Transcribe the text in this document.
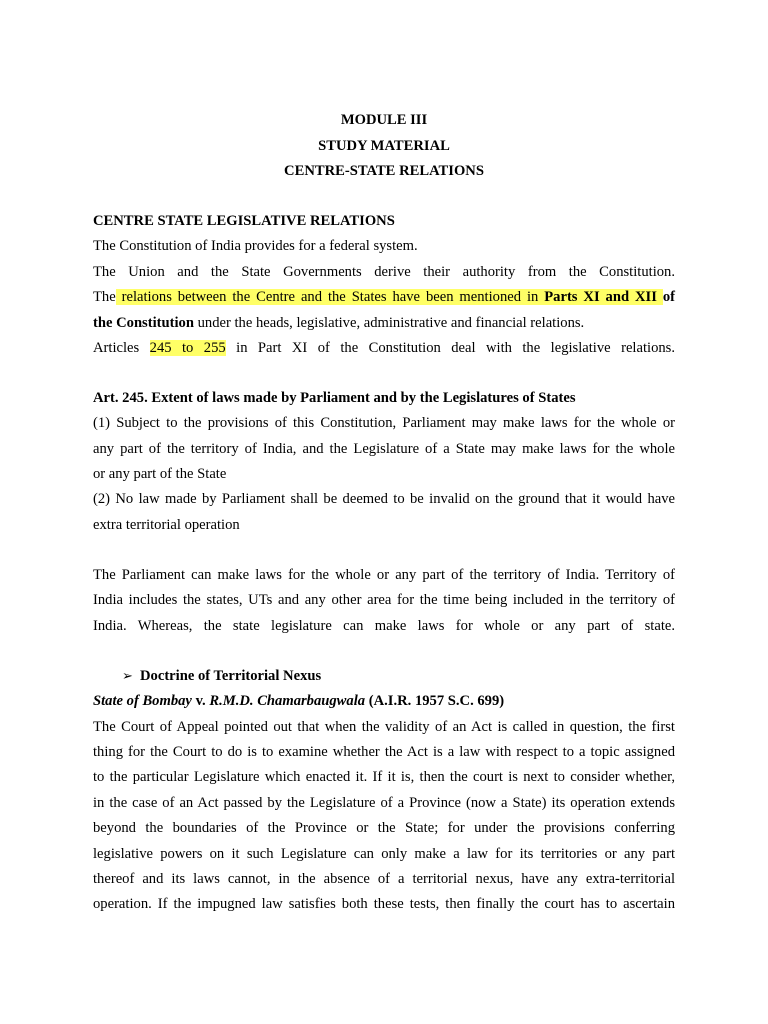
MODULE III
STUDY MATERIAL
CENTRE-STATE RELATIONS
CENTRE STATE LEGISLATIVE RELATIONS
The Constitution of India provides for a federal system.
The Union and the State Governments derive their authority from the Constitution.
The relations between the Centre and the States have been mentioned in Parts XI and XII of
the Constitution under the heads, legislative, administrative and financial relations.
Articles 245 to 255 in Part XI of the Constitution deal with the legislative relations.
Art. 245. Extent of laws made by Parliament and by the Legislatures of States
(1) Subject to the provisions of this Constitution, Parliament may make laws for the whole or
any part of the territory of India, and the Legislature of a State may make laws for the whole
or any part of the State
(2) No law made by Parliament shall be deemed to be invalid on the ground that it would have
extra territorial operation
The Parliament can make laws for the whole or any part of the territory of India. Territory of
India includes the states, UTs and any other area for the time being included in the territory of
India. Whereas, the state legislature can make laws for whole or any part of state.
➢ Doctrine of Territorial Nexus
State of Bombay v. R.M.D. Chamarbaugwala (A.I.R. 1957 S.C. 699)
The Court of Appeal pointed out that when the validity of an Act is called in question, the first
thing for the Court to do is to examine whether the Act is a law with respect to a topic assigned
to the particular Legislature which enacted it. If it is, then the court is next to consider whether,
in the case of an Act passed by the Legislature of a Province (now a State) its operation extends
beyond the boundaries of the Province or the State; for under the provisions conferring
legislative powers on it such Legislature can only make a law for its territories or any part
thereof and its laws cannot, in the absence of a territorial nexus, have any extra-territorial
operation. If the impugned law satisfies both these tests, then finally the court has to ascertain
